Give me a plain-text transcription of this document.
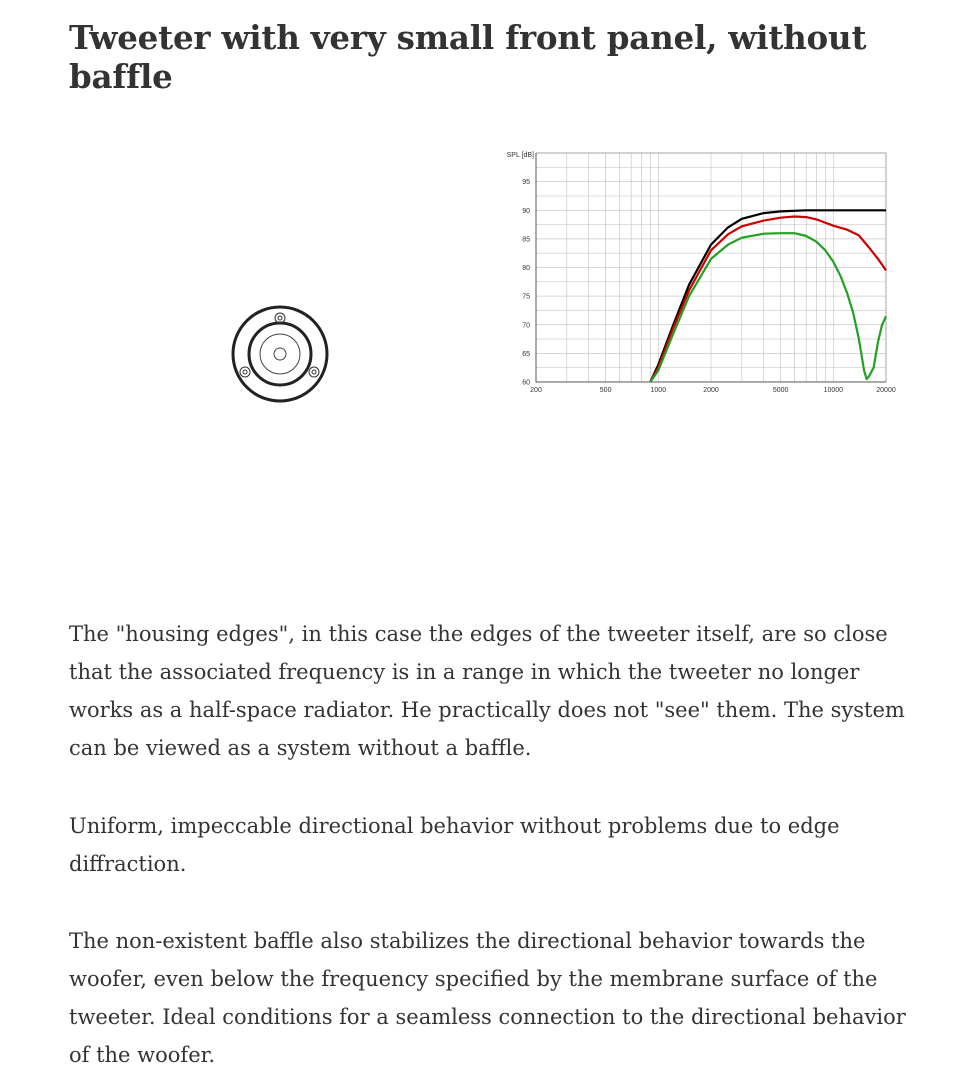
Tweeter with very small front panel, without baffle
SPL [dB]
60
65
70
75
80
85
90
95
200	500	1000	2000	5000	10000	20000

The "housing edges", in this case the edges of the tweeter itself, are so close that the associated frequency is in a range in which the tweeter no longer works as a half-space radiator. He practically does not "see" them. The system can be viewed as a system without a baffle.

Uniform, impeccable directional behavior without problems due to edge diffraction.

The non-existent baffle also stabilizes the directional behavior towards the woofer, even below the frequency specified by the membrane surface of the tweeter. Ideal conditions for a seamless connection to the directional behavior of the woofer.
